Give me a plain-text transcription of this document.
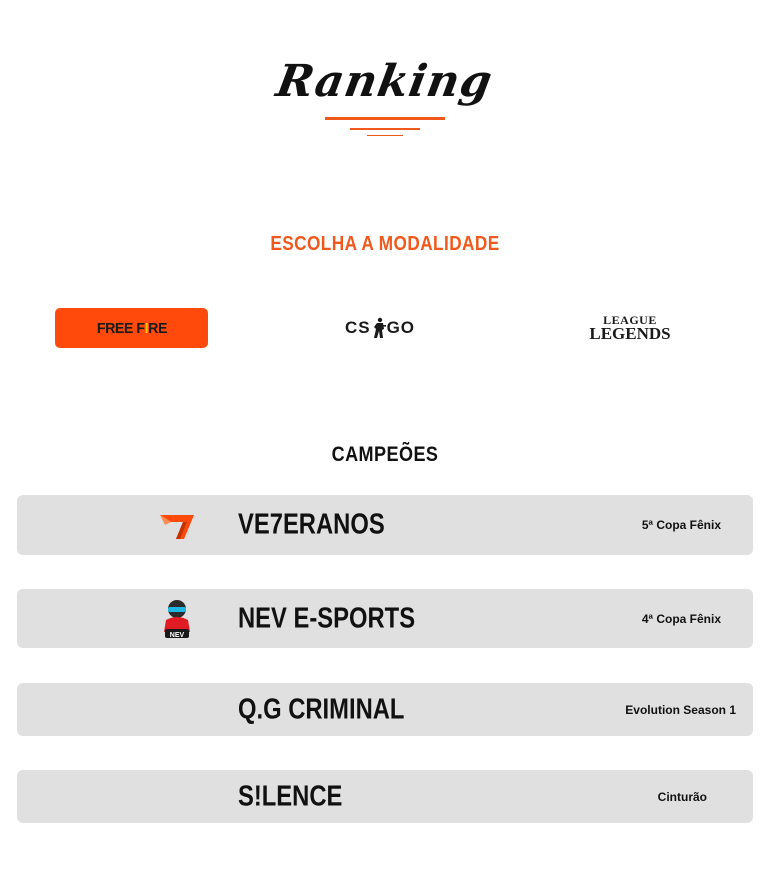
Ranking
ESCOLHA A MODALIDADE
FREE FIRE	CS GO	LEAGUE
LEGENDS
CAMPEÕES
VE7ERANOS	5ª Copa Fênix
NEV
NEV E-SPORTS	4ª Copa Fênix
Q.G CRIMINAL	Evolution Season 1
S!LENCE	Cinturão
